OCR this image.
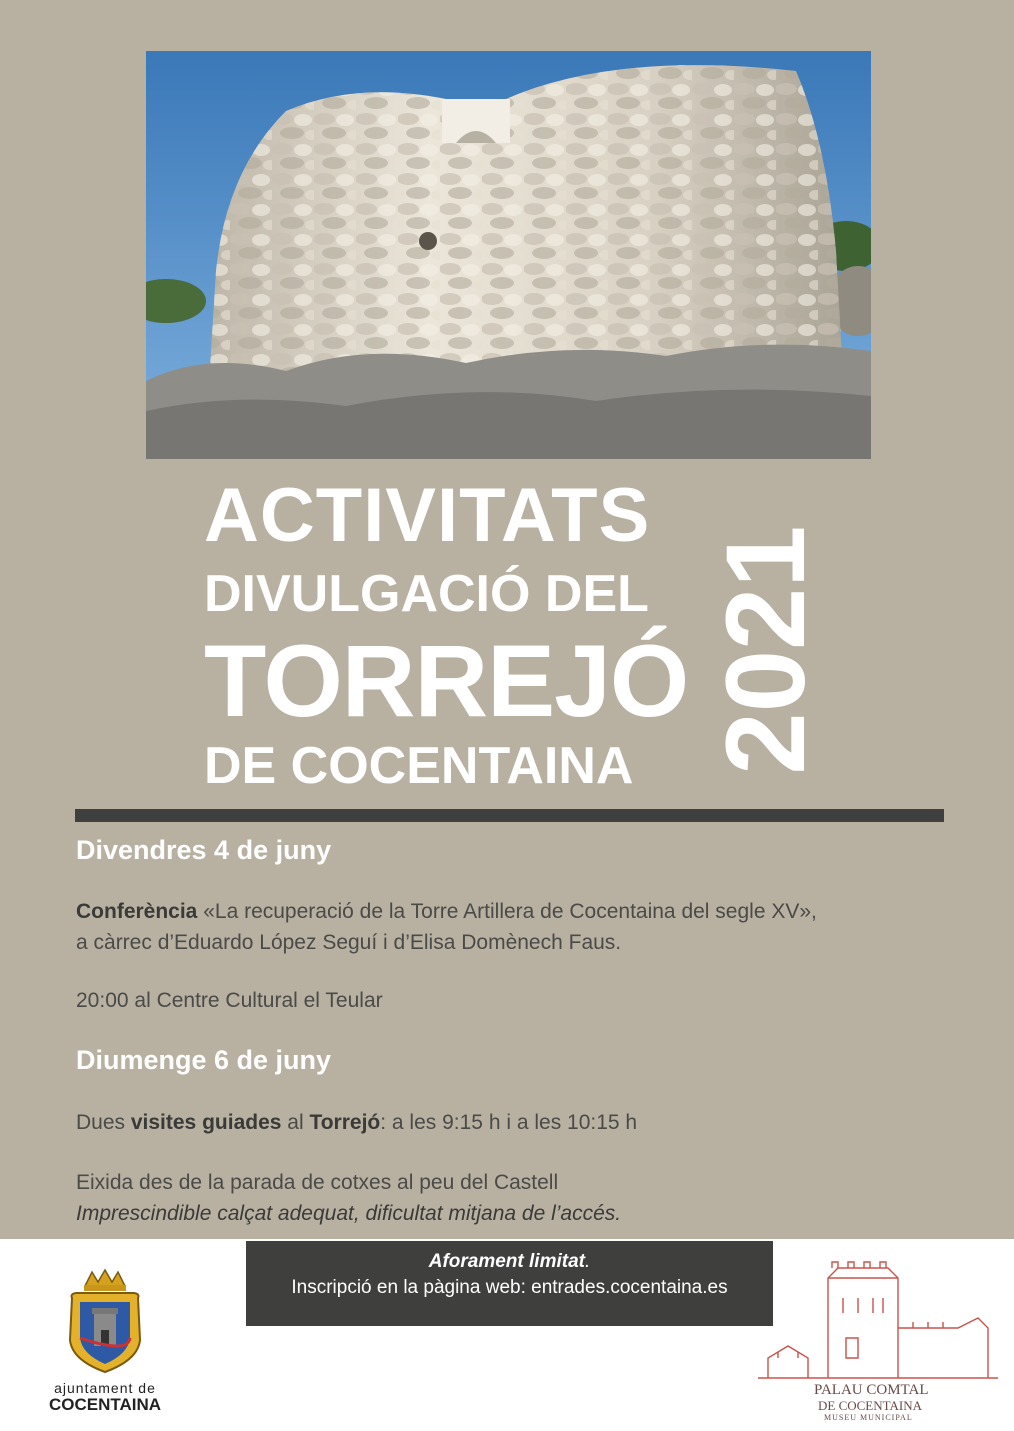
ACTIVITATS
DIVULGACIÓ DEL
TORREJÓ
DE COCENTAINA 2021
Divendres 4 de juny
Conferència «La recuperació de la Torre Artillera de Cocentaina del segle XV»,
a càrrec d’Eduardo López Seguí i d’Elisa Domènech Faus.
20:00 al Centre Cultural el Teular
Diumenge 6 de juny
Dues visites guiades al Torrejó: a les 9:15 h i a les 10:15 h
Eixida des de la parada de cotxes al peu del Castell
Imprescindible calçat adequat, dificultat mitjana de l’accés.
Aforament limitat.
Inscripció en la pàgina web: entrades.cocentaina.es
ajuntament de
COCENTAINA
PALAU COMTAL
DE COCENTAINA
MUSEU MUNICIPAL
